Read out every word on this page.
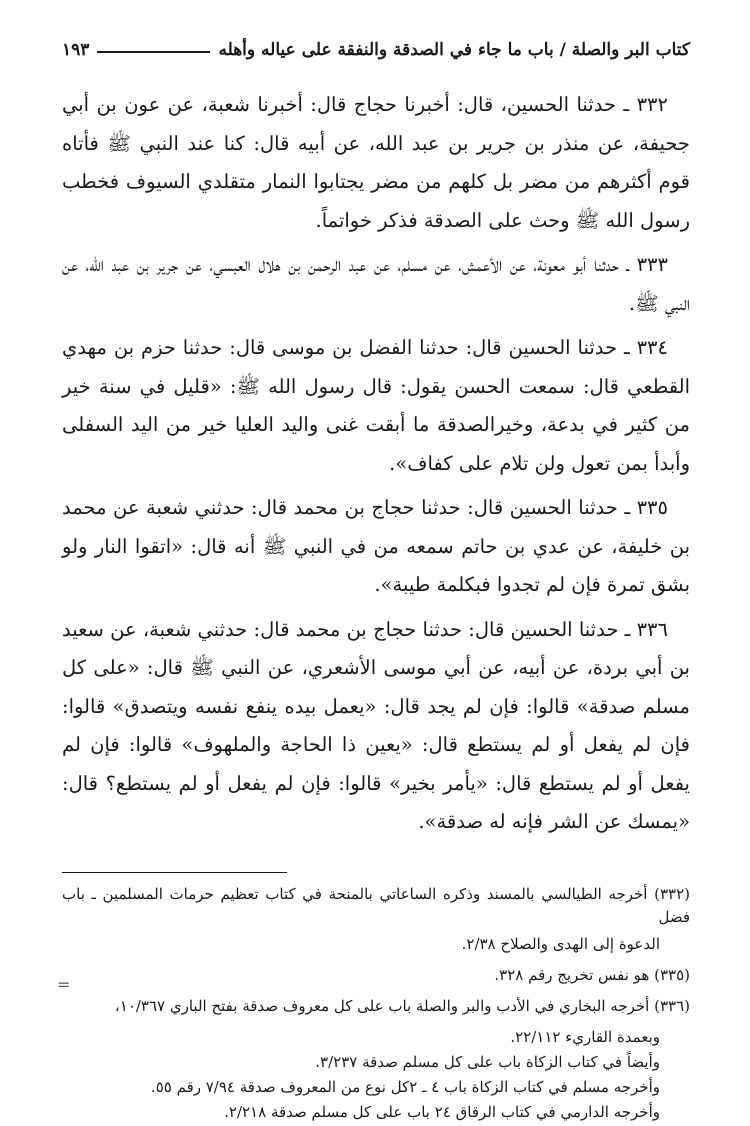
كتاب البر والصلة / باب ما جاء في الصدقة والنفقة على عياله وأهله
١٩٣

٣٣٢ ـ حدثنا الحسين، قال: أخبرنا حجاج قال: أخبرنا شعبة، عن عون بن أبي جحيفة، عن منذر بن جرير بن عبد الله، عن أبيه قال: كنا عند النبي ﷺ فأتاه قوم أكثرهم من مضر بل كلهم من مضر يجتابوا النمار متقلدي السيوف فخطب رسول الله ﷺ وحث على الصدقة فذكر خواتماً.

٣٣٣ ـ حدثنا أبو معونة، عن الأعمش، عن مسلم، عن عبد الرحمن بن هلال العبسي، عن جرير بن عبد الله، عن النبي ﷺ.

٣٣٤ ـ حدثنا الحسين قال: حدثنا الفضل بن موسى قال: حدثنا حزم بن مهدي القطعي قال: سمعت الحسن يقول: قال رسول الله ﷺ: «قليل في سنة خير من كثير في بدعة، وخيرالصدقة ما أبقت غنى واليد العليا خير من اليد السفلى وأبدأ بمن تعول ولن تلام على كفاف».

٣٣٥ ـ حدثنا الحسين قال: حدثنا حجاج بن محمد قال: حدثني شعبة عن محمد بن خليفة، عن عدي بن حاتم سمعه من في النبي ﷺ أنه قال: «اتقوا النار ولو بشق تمرة فإن لم تجدوا فبكلمة طيبة».

٣٣٦ ـ حدثنا الحسين قال: حدثنا حجاج بن محمد قال: حدثني شعبة، عن سعيد بن أبي بردة، عن أبيه، عن أبي موسى الأشعري، عن النبي ﷺ قال: «على كل مسلم صدقة» قالوا: فإن لم يجد قال: «يعمل بيده ينفع نفسه ويتصدق» قالوا: فإن لم يفعل أو لم يستطع قال: «يعين ذا الحاجة والملهوف» قالوا: فإن لم يفعل أو لم يستطع قال: «يأمر بخير» قالوا: فإن لم يفعل أو لم يستطع؟ قال: «يمسك عن الشر فإنه له صدقة».

(٣٣٢) أخرجه الطيالسي بالمسند وذكره الساعاتي بالمنحة في كتاب تعظيم حرمات المسلمين ـ باب فضل

الدعوة إلى الهدى والصلاح ٢/٣٨.

(٣٣٥) هو نفس تخريج رقم ٣٢٨.

(٣٣٦) أخرجه البخاري في الأدب والبر والصلة باب على كل معروف صدقة بفتح الباري ١٠/٣٦٧،

وبعمدة القاريء ٢٢/١١٢.

وأيضاً في كتاب الزكاة باب على كل مسلم صدقة ٣/٢٣٧.

وأخرجه مسلم في كتاب الزكاة باب ٤ ـ ٢كل نوع من المعروف صدقة ٧/٩٤ رقم ٥٥.

وأخرجه الدارمي في كتاب الرقاق ٢٤ باب على كل مسلم صدقة ٢/٢١٨.

=
